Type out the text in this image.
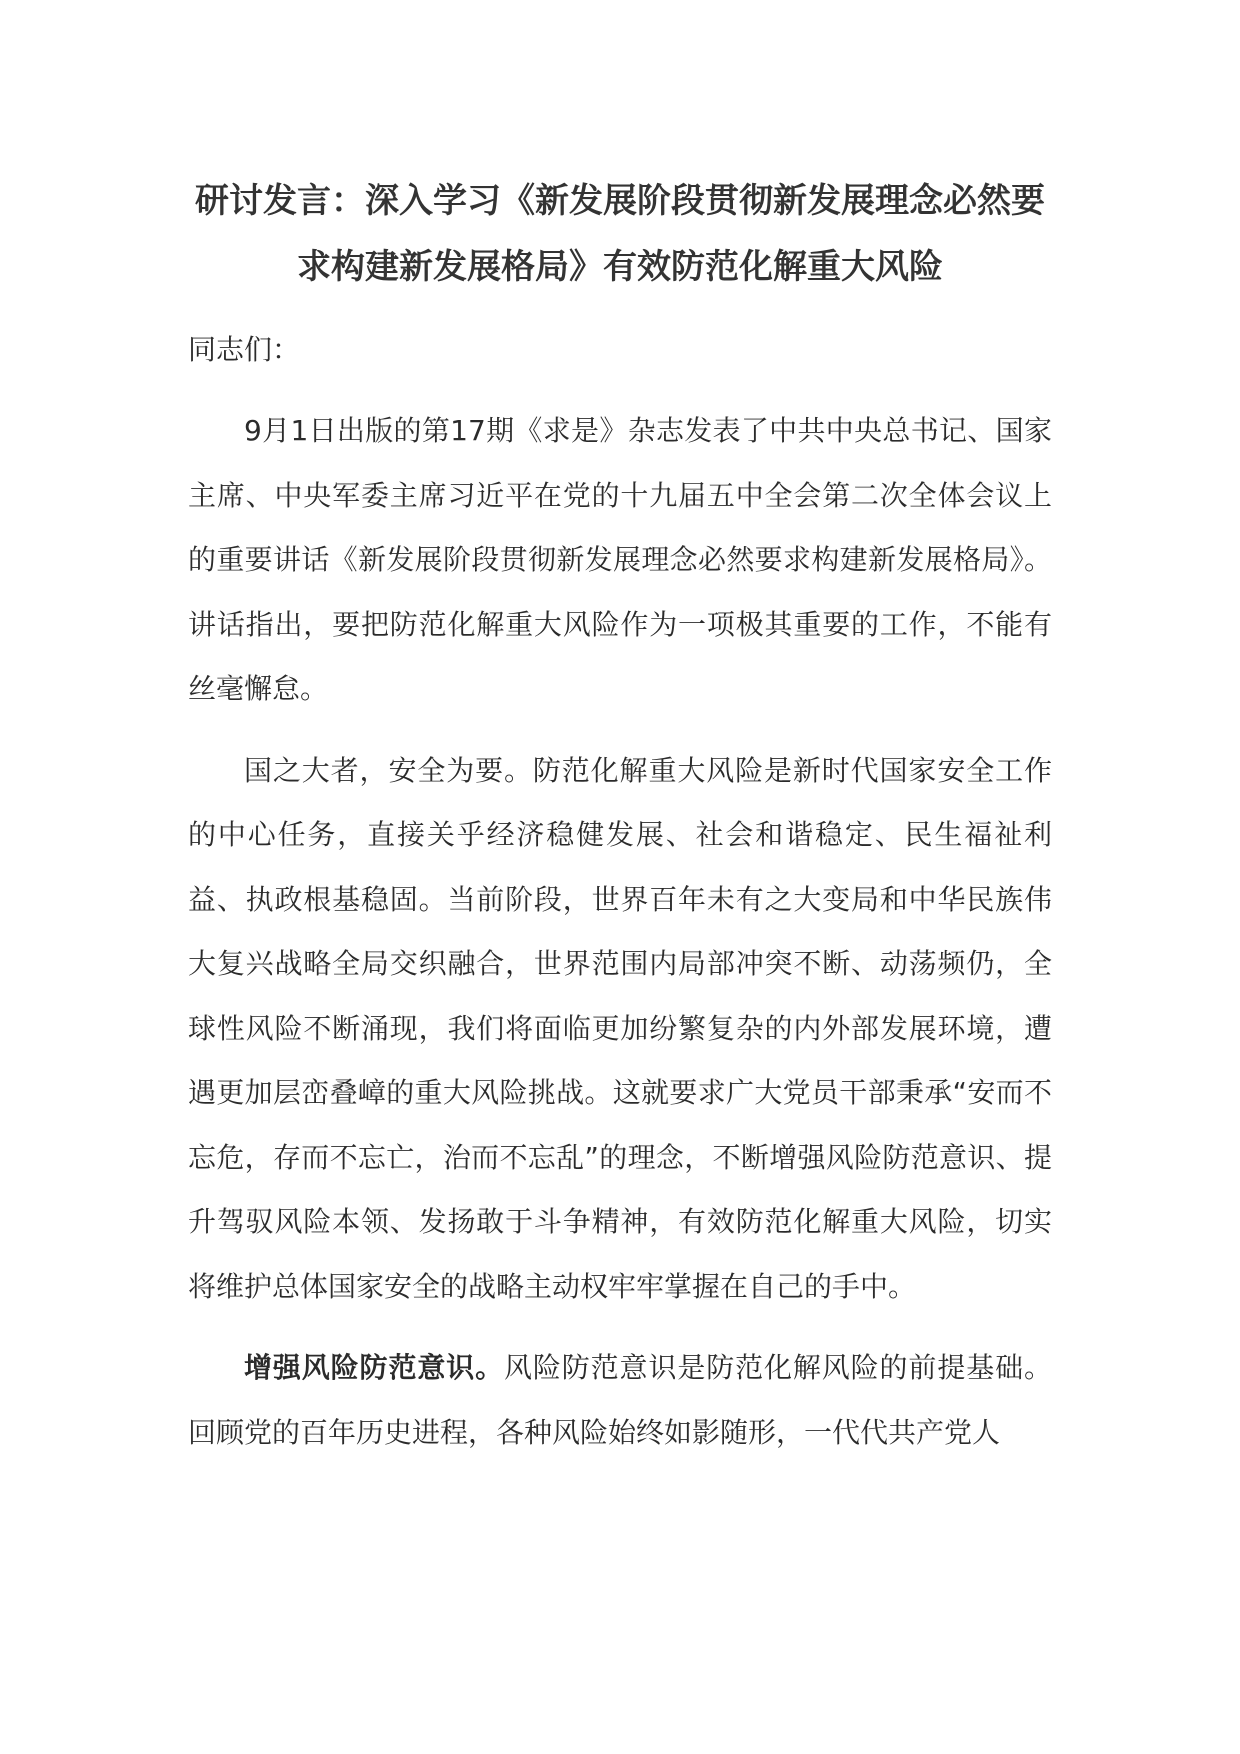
研讨发言：深入学习《新发展阶段贯彻新发展理念必然要
求构建新发展格局》有效防范化解重大风险

同志们：

9月1日出版的第17期《求是》杂志发表了中共中央总书记、国家主席、中央军委主席习近平在党的十九届五中全会第二次全体会议上的重要讲话《新发展阶段贯彻新发展理念必然要求构建新发展格局》。讲话指出，要把防范化解重大风险作为一项极其重要的工作，不能有丝毫懈怠。

国之大者，安全为要。防范化解重大风险是新时代国家安全工作的中心任务，直接关乎经济稳健发展、社会和谐稳定、民生福祉利益、执政根基稳固。当前阶段，世界百年未有之大变局和中华民族伟大复兴战略全局交织融合，世界范围内局部冲突不断、动荡频仍，全球性风险不断涌现，我们将面临更加纷繁复杂的内外部发展环境，遭遇更加层峦叠嶂的重大风险挑战。这就要求广大党员干部秉承“安而不忘危，存而不忘亡，治而不忘乱”的理念，不断增强风险防范意识、提升驾驭风险本领、发扬敢于斗争精神，有效防范化解重大风险，切实将维护总体国家安全的战略主动权牢牢掌握在自己的手中。

增强风险防范意识。风险防范意识是防范化解风险的前提基础。回顾党的百年历史进程，各种风险始终如影随形，一代代共产党人
